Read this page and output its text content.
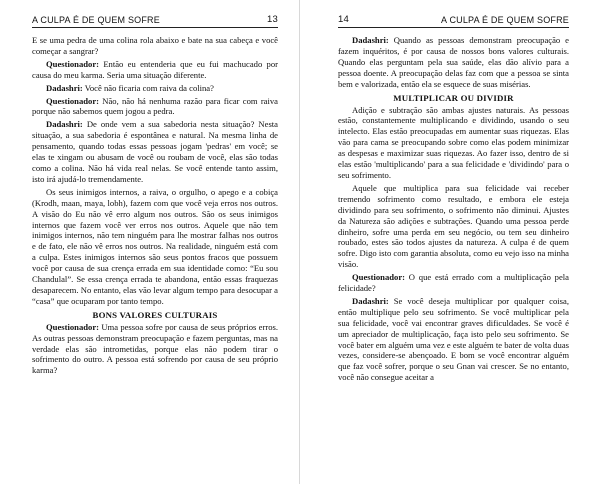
A CULPA É DE QUEM SOFRE	13

E se uma pedra de uma colina rola abaixo e bate na sua cabeça e você começar a sangrar?

Questionador: Então eu entenderia que eu fui machucado por causa do meu karma. Seria uma situação diferente.

Dadashri: Você não ficaria com raiva da colina?

Questionador: Não, não há nenhuma razão para ficar com raiva porque não sabemos quem jogou a pedra.

Dadashri: De onde vem a sua sabedoria nesta situação? Nesta situação, a sua sabedoria é espontânea e natural. Na mesma linha de pensamento, quando todas essas pessoas jogam 'pedras' em você; se elas te xingam ou abusam de você ou roubam de você, elas são todas como a colina. Não há vida real nelas. Se você entende tanto assim, isto irá ajudá-lo tremendamente.

Os seus inimigos internos, a raiva, o orgulho, o apego e a cobiça (Krodh, maan, maya, lobh), fazem com que você veja erros nos outros. A visão do Eu não vê erro algum nos outros. São os seus inimigos internos que fazem você ver erros nos outros. Aquele que não tem inimigos internos, não tem ninguém para lhe mostrar falhas nos outros e de fato, ele não vê erros nos outros. Na realidade, ninguém está com a culpa. Estes inimigos internos são seus pontos fracos que possuem você por causa de sua crença errada em sua identidade como: “Eu sou Chandulal”. Se essa crença errada te abandona, então essas fraquezas desaparecem. No entanto, elas vão levar algum tempo para desocupar a “casa” que ocuparam por tanto tempo.

BONS VALORES CULTURAIS

Questionador: Uma pessoa sofre por causa de seus próprios erros. As outras pessoas demonstram preocupação e fazem perguntas, mas na verdade elas são intrometidas, porque elas não podem tirar o sofrimento do outro. A pessoa está sofrendo por causa de seu próprio karma?

14	A CULPA É DE QUEM SOFRE

Dadashri: Quando as pessoas demonstram preocupação e fazem inquéritos, é por causa de nossos bons valores culturais. Quando elas perguntam pela sua saúde, elas dão alívio para a pessoa doente. A preocupação delas faz com que a pessoa se sinta bem e valorizada, então ela se esquece de suas misérias.

MULTIPLICAR OU DIVIDIR

Adição e subtração são ambas ajustes naturais. As pessoas estão, constantemente multiplicando e dividindo, usando o seu intelecto. Elas estão preocupadas em aumentar suas riquezas. Elas vão para cama se preocupando sobre como elas podem minimizar as despesas e maximizar suas riquezas. Ao fazer isso, dentro de si elas estão 'multiplicando' para a sua felicidade e 'dividindo' para o seu sofrimento.

Aquele que multiplica para sua felicidade vai receber tremendo sofrimento como resultado, e embora ele esteja dividindo para seu sofrimento, o sofrimento não diminui. Ajustes da Natureza são adições e subtrações. Quando uma pessoa perde dinheiro, sofre uma perda em seu negócio, ou tem seu dinheiro roubado, estes são todos ajustes da natureza. A culpa é de quem sofre. Digo isto com garantia absoluta, como eu vejo isso na minha visão.

Questionador: O que está errado com a multiplicação pela felicidade?

Dadashri: Se você deseja multiplicar por qualquer coisa, então multiplique pelo seu sofrimento. Se você multiplicar pela sua felicidade, você vai encontrar graves dificuldades. Se você é um apreciador de multiplicação, faça isto pelo seu sofrimento. Se você bater em alguém uma vez e este alguém te bater de volta duas vezes, considere-se abençoado. E bom se você encontrar alguém que faz você sofrer, porque o seu Gnan vai crescer. Se no entanto, você não consegue aceitar a
